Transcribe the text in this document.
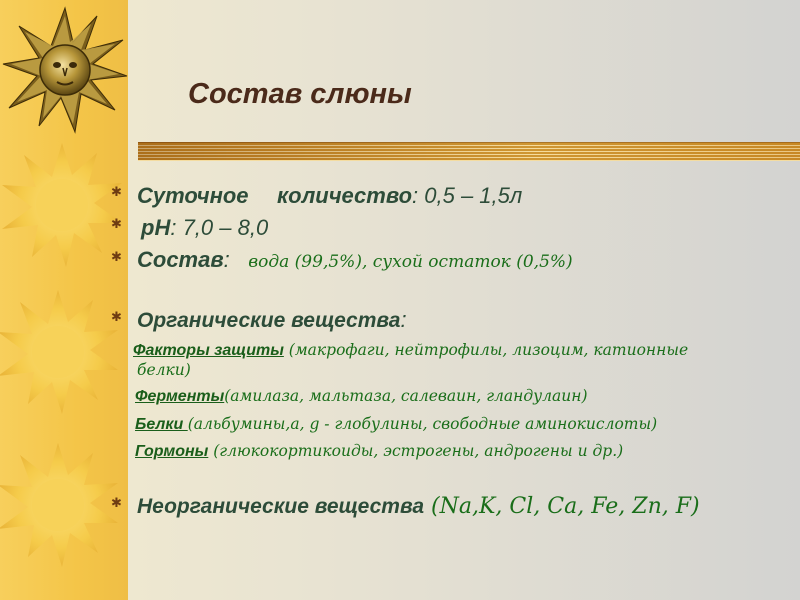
Состав слюны
✱ Суточное количество: 0,5 – 1,5л
✱ рН: 7,0 – 8,0
✱ Состав: вода (99,5%), сухой остаток (0,5%)
✱ Органические вещества:
Факторы защиты (макрофаги, нейтрофилы, лизоцим, катионные
белки)
Ферменты(амилаза, мальтаза, салеваин, гландулаин)
Белки (альбумины,а, g - глобулины, свободные аминокислоты)
Гормоны (глюкокортикоиды, эстрогены, андрогены и др.)
✱ Неорганические вещества (Na,K, Cl, Ca, Fe, Zn, F)
